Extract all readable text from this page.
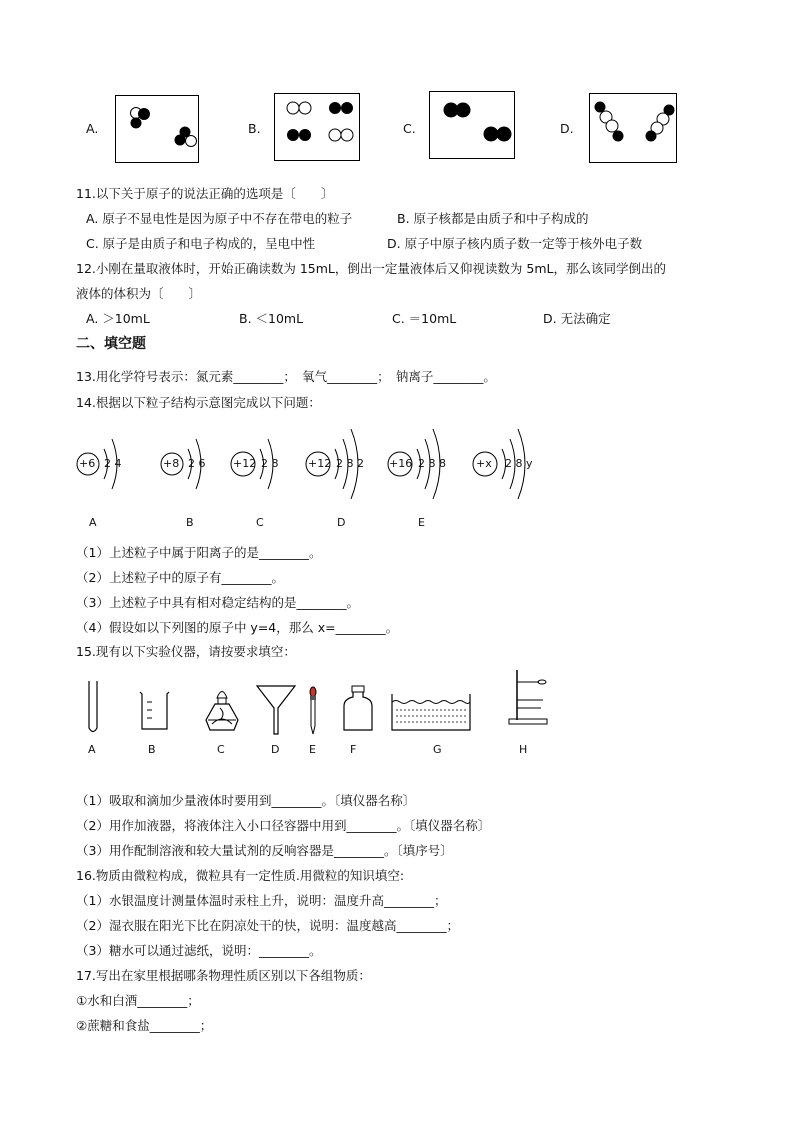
A.	B.	C.	D.
11.以下关于原子的说法正确的选项是〔　　〕
A. 原子不显电性是因为原子中不存在带电的粒子	B. 原子核都是由质子和中子构成的
C. 原子是由质子和电子构成的，呈电中性	D. 原子中原子核内质子数一定等于核外电子数
12.小刚在量取液体时，开始正确读数为 15mL，倒出一定量液体后又仰视读数为 5mL，那么该同学倒出的
液体的体积为〔　　〕
A. ＞10mL	B. ＜10mL	C. ＝10mL	D. 无法确定
二、填空题
13.用化学符号表示：氮元素________；　氧气________；　钠离子________。
14.根据以下粒子结构示意图完成以下问题：
+6 2 4
A
+8 2 6
B
+12 2 8
C
+12 2 8 2
D
+16 2 8 8
E
+x 2 8 y
（1）上述粒子中属于阳离子的是________。
（2）上述粒子中的原子有________。
（3）上述粒子中具有相对稳定结构的是________。
（4）假设如以下列图的原子中 y=4，那么 x=________。
15.现有以下实验仪器，请按要求填空：
A	B	C	D	E	F	G	H
（1）吸取和滴加少量液体时要用到________。〔填仪器名称〕
（2）用作加液器，将液体注入小口径容器中用到________。〔填仪器名称〕
（3）用作配制溶液和较大量试剂的反响容器是________。〔填序号〕
16.物质由微粒构成，微粒具有一定性质.用微粒的知识填空:
（1）水银温度计测量体温时汞柱上升，说明：温度升高________；
（2）湿衣服在阳光下比在阴凉处干的快，说明：温度越高________；
（3）糖水可以通过滤纸，说明：________。
17.写出在家里根据哪条物理性质区别以下各组物质：
①水和白酒________；
②蔗糖和食盐________；
